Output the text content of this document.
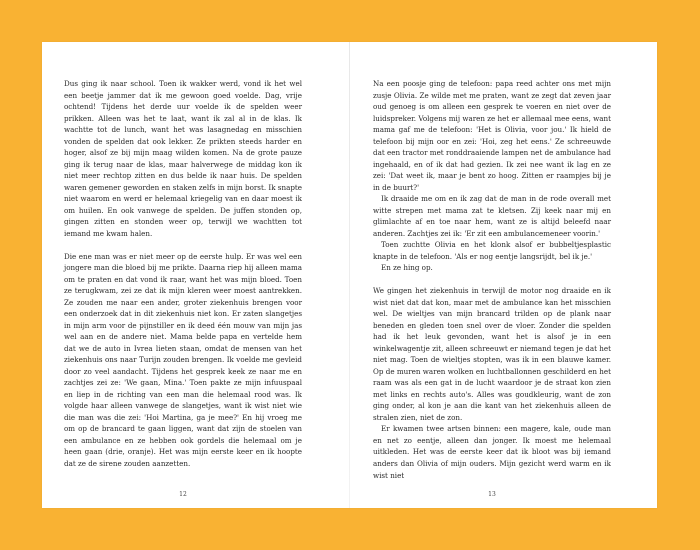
Dus ging ik naar school. Toen ik wakker werd, vond ik het wel een beetje jammer dat ik me gewoon goed voelde. Dag, vrije ochtend! Tijdens het derde uur voelde ik de spelden weer prikken. Alleen was het te laat, want ik zal al in de klas. Ik wachtte tot de lunch, want het was lasagnedag en misschien vonden de spelden dat ook lekker. Ze prikten steeds harder en hoger, alsof ze bij mijn maag wilden komen. Na de grote pauze ging ik terug naar de klas, maar halverwege de middag kon ik niet meer rechtop zitten en dus belde ik naar huis. De spelden waren gemener geworden en staken zelfs in mijn borst. Ik snapte niet waarom en werd er helemaal kriegelig van en daar moest ik om huilen. En ook vanwege de spelden. De juffen stonden op, gingen zitten en stonden weer op, terwijl we wachtten tot iemand me kwam halen.

Die ene man was er niet meer op de eerste hulp. Er was wel een jongere man die bloed bij me prikte. Daarna riep hij alleen mama om te praten en dat vond ik raar, want het was mijn bloed. Toen ze terugkwam, zei ze dat ik mijn kleren weer moest aantrekken. Ze zouden me naar een ander, groter ziekenhuis brengen voor een onderzoek dat in dit ziekenhuis niet kon. Er zaten slangetjes in mijn arm voor de pijnstiller en ik deed één mouw van mijn jas wel aan en de andere niet. Mama belde papa en vertelde hem dat we de auto in Ivrea lieten staan, omdat de mensen van het ziekenhuis ons naar Turijn zouden brengen. Ik voelde me gevleid door zo veel aandacht. Tijdens het gesprek keek ze naar me en zachtjes zei ze: 'We gaan, Mina.' Toen pakte ze mijn infuuspaal en liep in de richting van een man die helemaal rood was. Ik volgde haar alleen vanwege de slangetjes, want ik wist niet wie die man was die zei: 'Hoi Martina, ga je mee?' En hij vroeg me om op de brancard te gaan liggen, want dat zijn de stoelen van een ambulance en ze hebben ook gordels die helemaal om je heen gaan (drie, oranje). Het was mijn eerste keer en ik hoopte dat ze de sirene zouden aanzetten.

Na een poosje ging de telefoon: papa reed achter ons met mijn zusje Olivia. Ze wilde met me praten, want ze zegt dat zeven jaar oud genoeg is om alleen een gesprek te voeren en niet over de luidspreker. Volgens mij waren ze het er allemaal mee eens, want mama gaf me de telefoon: 'Het is Olivia, voor jou.' Ik hield de telefoon bij mijn oor en zei: 'Hoi, zeg het eens.' Ze schreeuwde dat een tractor met ronddraaiende lampen net de ambulance had ingehaald, en of ik dat had gezien. Ik zei nee want ik lag en ze zei: 'Dat weet ik, maar je bent zo hoog. Zitten er raampjes bij je in de buurt?'

Ik draaide me om en ik zag dat de man in de rode overall met witte strepen met mama zat te kletsen. Zij keek naar mij en glimlachte af en toe naar hem, want ze is altijd beleefd naar anderen. Zachtjes zei ik: 'Er zit een ambulancemeneer voorin.'

Toen zuchtte Olivia en het klonk alsof er bubbeltjesplastic knapte in de telefoon. 'Als er nog eentje langsrijdt, bel ik je.'

En ze hing op.

We gingen het ziekenhuis in terwijl de motor nog draaide en ik wist niet dat dat kon, maar met de ambulance kan het misschien wel. De wieltjes van mijn brancard trilden op de plank naar beneden en gleden toen snel over de vloer. Zonder die spelden had ik het leuk gevonden, want het is alsof je in een winkelwagentje zit, alleen schreeuwt er niemand tegen je dat het niet mag. Toen de wieltjes stopten, was ik in een blauwe kamer. Op de muren waren wolken en luchtballonnen geschilderd en het raam was als een gat in de lucht waardoor je de straat kon zien met links en rechts auto's. Alles was goudkleurig, want de zon ging onder, al kon je aan die kant van het ziekenhuis alleen de stralen zien, niet de zon.

Er kwamen twee artsen binnen: een magere, kale, oude man en net zo eentje, alleen dan jonger. Ik moest me helemaal uitkleden. Het was de eerste keer dat ik bloot was bij iemand anders dan Olivia of mijn ouders. Mijn gezicht werd warm en ik wist niet

12	13
